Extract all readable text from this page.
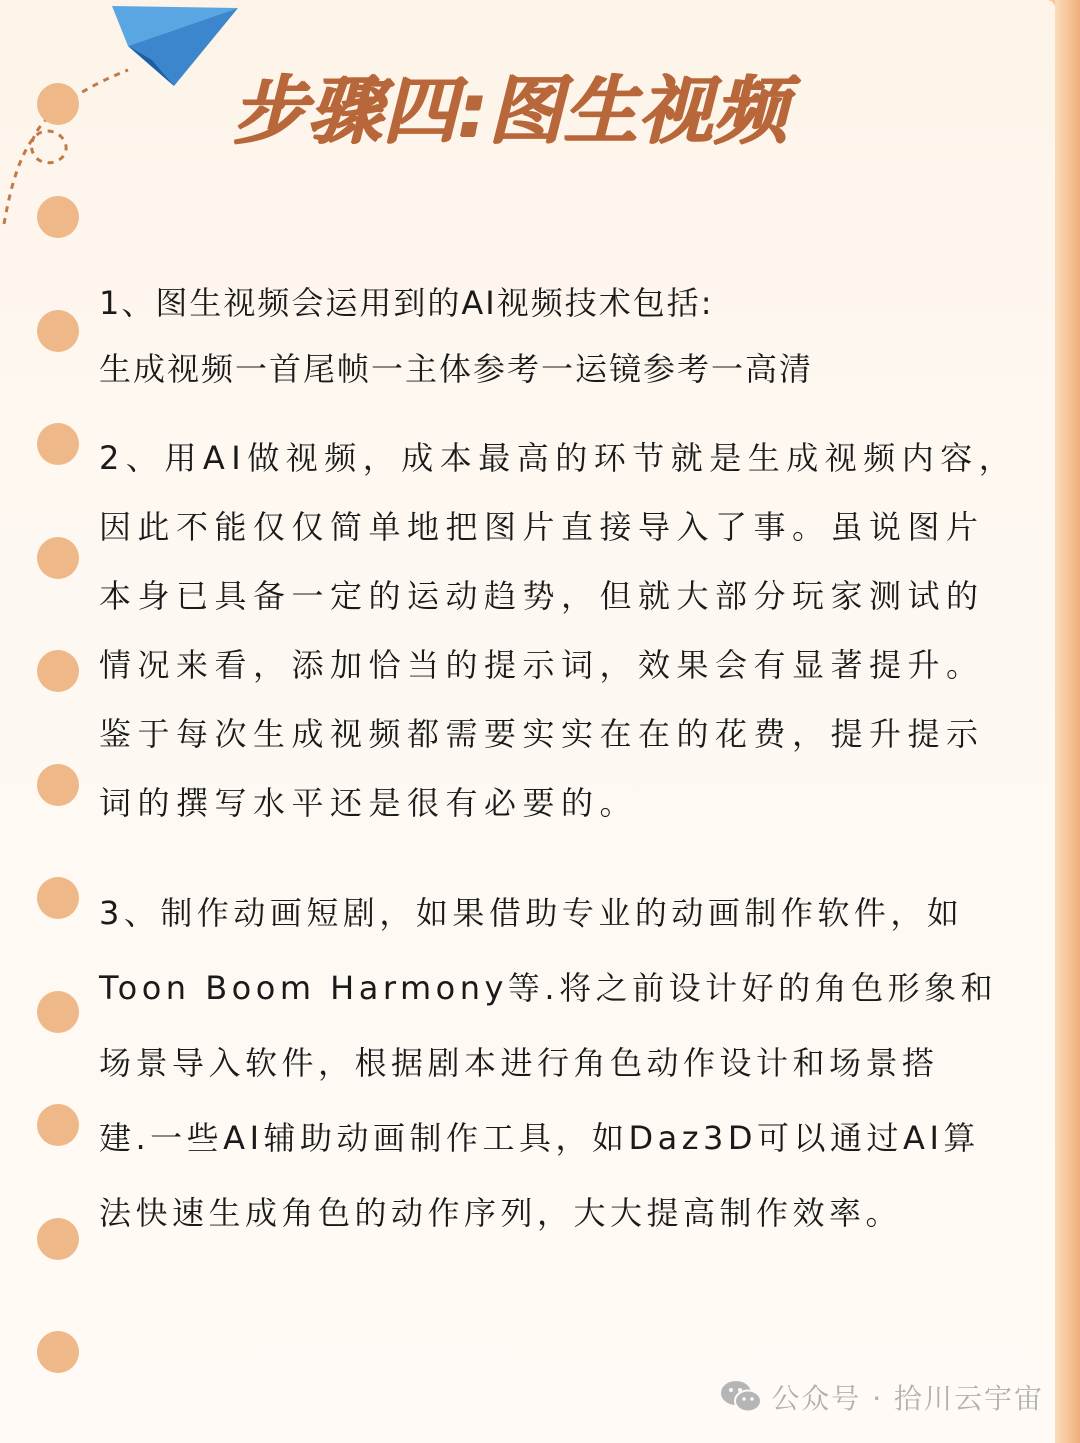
步骤四:图生视频

1、图生视频会运用到的AI视频技术包括:
生成视频一首尾帧一主体参考一运镜参考一高清

2、用AI做视频，成本最高的环节就是生成视频内容，
因此不能仅仅简单地把图片直接导入了事。虽说图片
本身已具备一定的运动趋势，但就大部分玩家测试的
情况来看，添加恰当的提示词，效果会有显著提升。
鉴于每次生成视频都需要实实在在的花费，提升提示
词的撰写水平还是很有必要的。

3、制作动画短剧，如果借助专业的动画制作软件，如
Toon Boom Harmony等.将之前设计好的角色形象和
场景导入软件，根据剧本进行角色动作设计和场景搭
建.一些AI辅助动画制作工具，如Daz3D可以通过AI算
法快速生成角色的动作序列，大大提高制作效率。

公众号 · 拾川云宇宙
